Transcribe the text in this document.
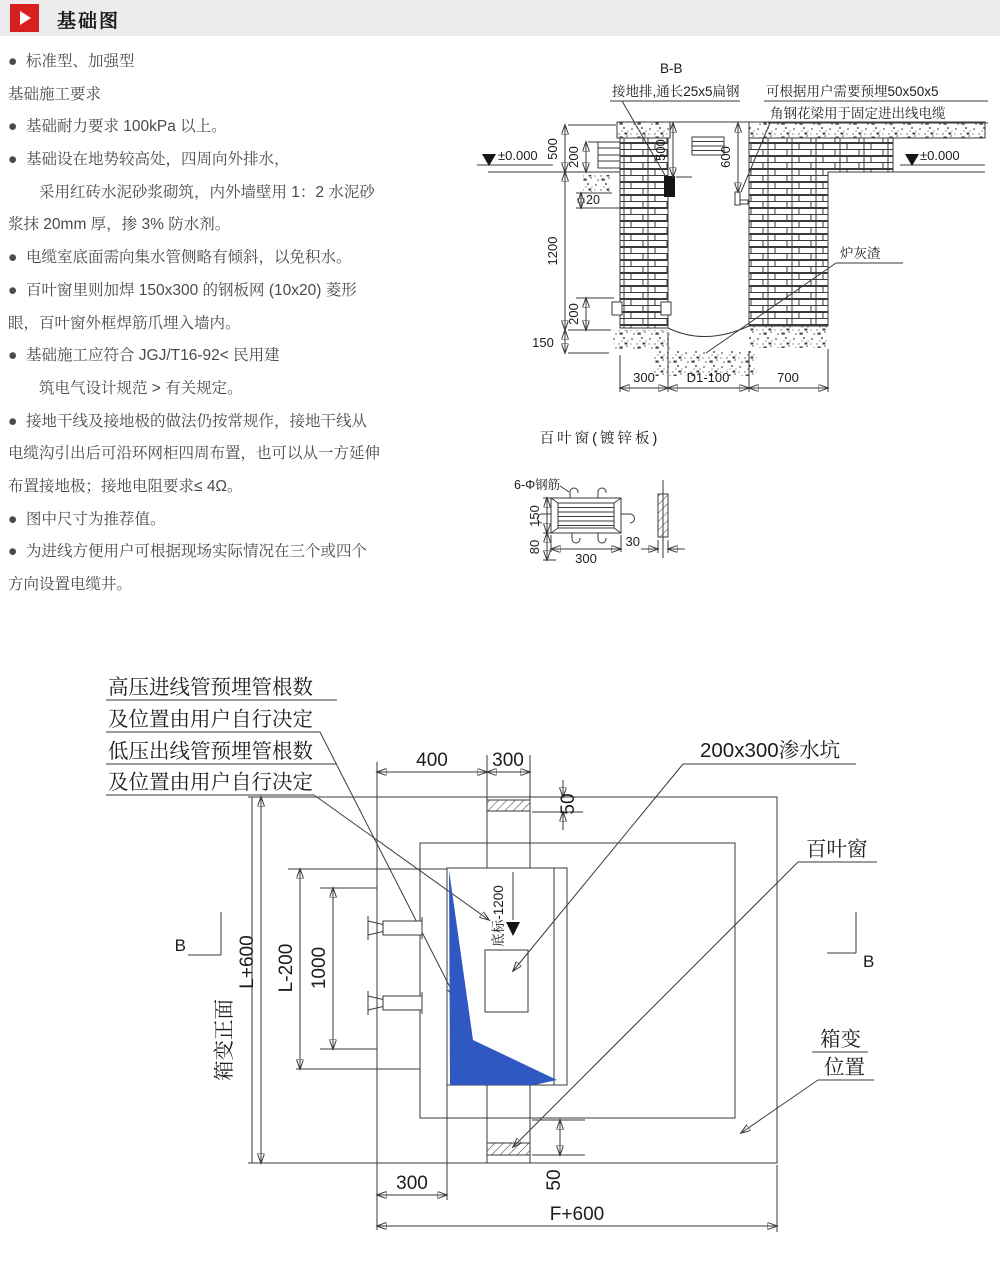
基础图
●  标准型、加强型
基础施工要求
●  基础耐力要求 100kPa 以上。
●  基础设在地势较高处，四周向外排水，
　　采用红砖水泥砂浆砌筑，内外墙壁用 1：2 水泥砂
浆抹 20mm 厚，掺 3% 防水剂。
●  电缆室底面需向集水管侧略有倾斜，以免积水。
●  百叶窗里则加焊 150x300 的钢板网 (10x20) 菱形
眼，百叶窗外框焊筋爪埋入墙内。
●  基础施工应符合 JGJ/T16-92< 民用建
　　筑电气设计规范 > 有关规定。
●  接地干线及接地极的做法仍按常规作，接地干线从
电缆沟引出后可沿环网柜四周布置，也可以从一方延伸
布置接地极；接地电阻要求≤ 4Ω。
●  图中尺寸为推荐值。
●  为进线方便用户可根据现场实际情况在三个或四个
方向设置电缆井。
B-B
接地排,通长25x5扁钢 可根据用户需要预埋50x50x5
角钢花梁用于固定进出线电缆
±0.000	±0.000
500
1200
150
200
20
200
500	600
300 D1-100	700
炉灰渣
百叶窗(镀锌板)
6-Φ钢筋
150
80
300
30
高压进线管预埋管根数
及位置由用户自行决定
低压出线管预埋管根数
及位置由用户自行决定
底标-1200
B
B
200x300渗水坑
百叶窗
箱变
位置
箱变正面
400 300
50
50
300
F+600
L+600 L-200 1000
